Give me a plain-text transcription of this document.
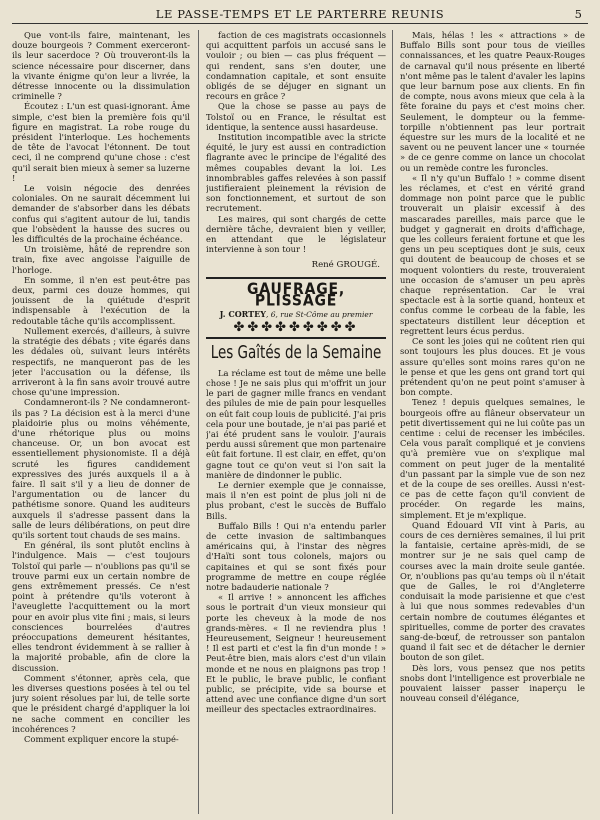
LE PASSE-TEMPS ET LE PARTERRE REUNIS	5

Que vont-ils faire, maintenant, les douze bourgeois ? Comment exerceront-ils leur sacerdoce ? Où trouveront-ils la science nécessaire pour discerner, dans la vivante énigme qu'on leur a livrée, la détresse innocente ou la dissimulation criminelle ?

Écoutez : L'un est quasi-ignorant. Âme simple, c'est bien la première fois qu'il figure en magistrat. La robe rouge du président l'interloque. Les hochements de tête de l'avocat l'étonnent. De tout ceci, il ne comprend qu'une chose : c'est qu'il serait bien mieux à semer sa luzerne !

Le voisin négocie des denrées coloniales. On ne saurait décemment lui demander de s'absorber dans les débats confus qui s'agitent autour de lui, tandis que l'obsèdent la hausse des sucres ou les difficultés de la prochaine échéance.

Un troisième, hâté de reprendre son train, fixe avec angoisse l'aiguille de l'horloge.

En somme, il n'en est peut-être pas deux, parmi ces douze hommes, qui jouissent de la quiétude d'esprit indispensable à l'exécution de la redoutable tâche qu'ils accomplissent.

Nullement exercés, d'ailleurs, à suivre la stratégie des débats ; vite égarés dans les dédales où, suivant leurs intérêts respectifs, ne manqueront pas de les jeter l'accusation ou la défense, ils arriveront à la fin sans avoir trouvé autre chose qu'une impression.

Condamneront-ils ? Ne condamneront-ils pas ? La décision est à la merci d'une plaidoirie plus ou moins véhémente, d'une rhétorique plus ou moins chanceuse. Or, un bon avocat est essentiellement physionomiste. Il a déjà scruté les figures candidement expressives des jurés auxquels il a à faire. Il sait s'il y a lieu de donner de l'argumentation ou de lancer du pathétisme sonore. Quand les auditeurs auxquels il s'adresse passent dans la salle de leurs délibérations, on peut dire qu'ils sortent tout chauds de ses mains.

En général, ils sont plutôt enclins à l'indulgence. Mais — c'est toujours Tolstoï qui parle — n'oublions pas qu'il se trouve parmi eux un certain nombre de gens extrêmement pressés. Ce n'est point à prétendre qu'ils voteront à l'aveuglette l'acquittement ou la mort pour en avoir plus vite fini ; mais, si leurs consciences bourrelées d'autres préoccupations demeurent hésitantes, elles tendront évidemment à se rallier à la majorité probable, afin de clore la discussion.

Comment s'étonner, après cela, que les diverses questions posées à tel ou tel jury soient résolues par lui, de telle sorte que le président chargé d'appliquer la loi ne sache comment en concilier les incohérences ?

Comment expliquer encore la stupé-

faction de ces magistrats occasionnels qui acquittent parfois un accusé sans le vouloir ; ou bien — cas plus fréquent — qui rendent, sans s'en douter, une condamnation capitale, et sont ensuite obligés de se déjuger en signant un recours en grâce ?

Que la chose se passe au pays de Tolstoï ou en France, le résultat est identique, la sentence aussi hasardeuse.

Institution incompatible avec la stricte équité, le jury est aussi en contradiction flagrante avec le principe de l'égalité des mêmes coupables devant la loi. Les innombrables gaffes relevées à son passif justifieraient pleinement la révision de son fonctionnement, et surtout de son recrutement.

Les maires, qui sont chargés de cette dernière tâche, devraient bien y veiller, en attendant que le législateur intervienne à son tour !

René GROUGÉ.
GAUFRAGE, PLISSAGE
J. CORTEY, 6, rue St-Côme au premier
✤✤✤✤✤✤✤✤✤
Les Gaîtés de la Semaine

La réclame est tout de même une belle chose ! Je ne sais plus qui m'offrit un jour le pari de gagner mille francs en vendant des pilules de mie de pain pour lesquelles on eût fait coup louis de publicité. J'ai pris cela pour une boutade, je n'ai pas parié et j'ai été prudent sans le vouloir. J'aurais perdu aussi sûrement que mon partenaire eût fait fortune. Il est clair, en effet, qu'on gagne tout ce qu'on veut si l'on sait la manière de dindonner le public.

Le dernier exemple que je connaisse, mais il n'en est point de plus joli ni de plus probant, c'est le succès de Buffalo Bills.

Buffalo Bills ! Qui n'a entendu parler de cette invasion de saltimbanques américains qui, à l'instar des nègres d'Haïti sont tous colonels, majors ou capitaines et qui se sont fixés pour programme de mettre en coupe réglée notre badauderie nationale ?

« Il arrive ! » annoncent les affiches sous le portrait d'un vieux monsieur qui porte les cheveux à la mode de nos grands-mères. « Il ne reviendra plus ! Heureusement, Seigneur ! heureusement ! Il est parti et c'est la fin d'un monde ! » Peut-être bien, mais alors c'est d'un vilain monde et ne nous en plaignons pas trop ! Et le public, le brave public, le confiant public, se précipite, vide sa bourse et attend avec une confiance digne d'un sort meilleur des spectacles extraordinaires.

Mais, hélas ! les « attractions » de Buffalo Bills sont pour tous de vieilles connaissances, et les quatre Peaux-Rouges de carnaval qu'il nous présente en liberté n'ont même pas le talent d'avaler les lapins que leur barnum pose aux clients. En fin de compte, nous avons mieux que cela à la fête foraine du pays et c'est moins cher. Seulement, le dompteur ou la femme-torpille n'obtiennent pas leur portrait équestre sur les murs de la localité et ne savent ou ne peuvent lancer une « tournée » de ce genre comme on lance un chocolat ou un remède contre les furoncles.

« Il n'y qu'un Buffalo ! » comme disent les réclames, et c'est en vérité grand dommage non point parce que le public trouverait un plaisir excessif à des mascarades pareilles, mais parce que le budget y gagnerait en droits d'affichage, que les colleurs feraient fortune et que les gens un peu sceptiques dont je suis, ceux qui doutent de beaucoup de choses et se moquent volontiers du reste, trouveraient une occasion de s'amuser un peu après chaque représentation. Car le vrai spectacle est à la sortie quand, honteux et confus comme le corbeau de la fable, les spectateurs distillent leur déception et regrettent leurs écus perdus.

Ce sont les joies qui ne coûtent rien qui sont toujours les plus douces. Et je vous assure qu'elles sont moins rares qu'on ne le pense et que les gens ont grand tort qui prétendent qu'on ne peut point s'amuser à bon compte.

Tenez ! depuis quelques semaines, le bourgeois offre au flâneur observateur un petit divertissement qui ne lui coûte pas un centime : celui de recenser les imbéciles. Cela vous paraît compliqué et je conviens qu'à première vue on s'explique mal comment on peut juger de la mentalité d'un passant par la simple vue de son nez et de la coupe de ses oreilles. Aussi n'est-ce pas de cette façon qu'il convient de procéder. On regarde les mains, simplement. Et je m'explique.

Quand Édouard VII vint à Paris, au cours de ces dernières semaines, il lui prit la fantaisie, certaine après-midi, de se montrer sur je ne sais quel camp de courses avec la main droite seule gantée. Or, n'oublions pas qu'au temps où il n'était que de Galles, le roi d'Angleterre conduisait la mode parisienne et que c'est à lui que nous sommes redevables d'un certain nombre de coutumes élégantes et spirituelles, comme de porter des cravates sang-de-bœuf, de retrousser son pantalon quand il fait sec et de détacher le dernier bouton de son gilet.

Dès lors, vous pensez que nos petits snobs dont l'intelligence est proverbiale ne pouvaient laisser passer inaperçu le nouveau conseil d'élégance,
